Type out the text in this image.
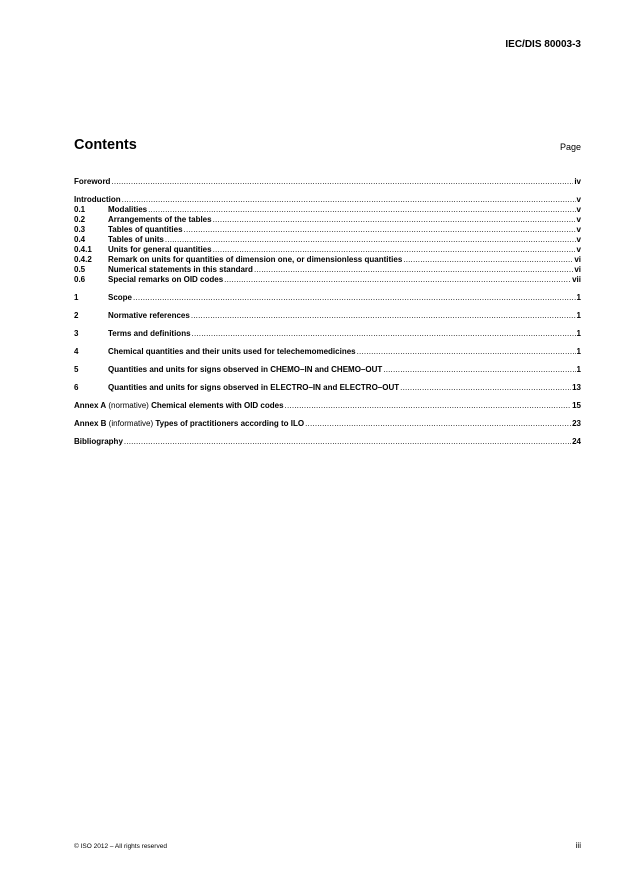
IEC/DIS 80003-3
Contents	Page
Foreword .....	iv
Introduction .....	v
0.1	Modalities .....	v
0.2	Arrangements of the tables .....	v
0.3	Tables of quantities .....	v
0.4	Tables of units .....	v
0.4.1	Units for general quantities .....	v
0.4.2	Remark on units for quantities of dimension one, or dimensionless quantities .....	vi
0.5	Numerical statements in this standard .....	vi
0.6	Special remarks on OID codes .....	vii
1	Scope .....	1
2	Normative references .....	1
3	Terms and definitions .....	1
4	Chemical quantities and their units used for telechemomedicines .....	1
5	Quantities and units for signs observed in CHEMO–IN and CHEMO–OUT .....	1
6	Quantities and units for signs observed in ELECTRO–IN and ELECTRO–OUT .....	13
Annex A (normative) Chemical elements with OID codes .....	15
Annex B (informative) Types of practitioners according to ILO .....	23
Bibliography .....	24
© ISO 2012 – All rights reserved	iii
